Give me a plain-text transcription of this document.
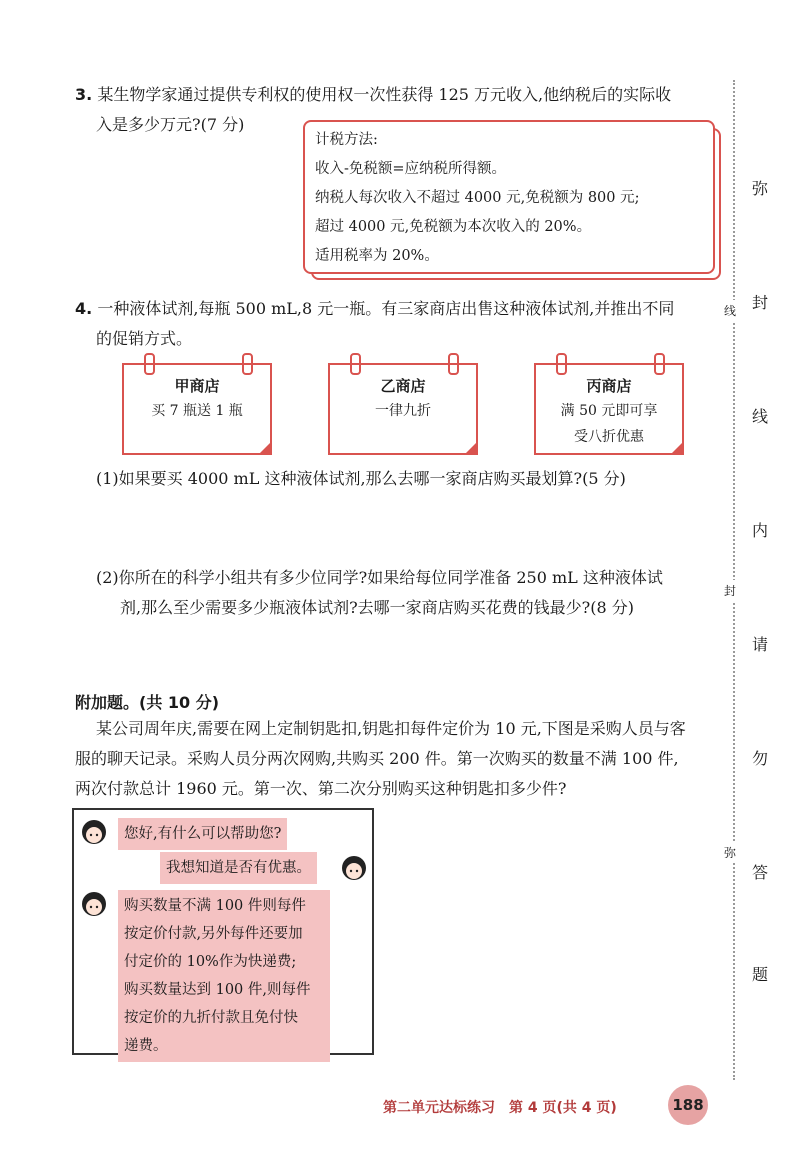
3. 某生物学家通过提供专利权的使用权一次性获得 125 万元收入,他纳税后的实际收
入是多少万元?(7 分)
计税方法:
收入-免税额=应纳税所得额。
纳税人每次收入不超过 4000 元,免税额为 800 元;
超过 4000 元,免税额为本次收入的 20%。
适用税率为 20%。
4. 一种液体试剂,每瓶 500 mL,8 元一瓶。有三家商店出售这种液体试剂,并推出不同
的促销方式。
甲商店
买 7 瓶送 1 瓶
乙商店
一律九折
丙商店
满 50 元即可享
受八折优惠
(1)如果要买 4000 mL 这种液体试剂,那么去哪一家商店购买最划算?(5 分)
(2)你所在的科学小组共有多少位同学?如果给每位同学准备 250 mL 这种液体试
剂,那么至少需要多少瓶液体试剂?去哪一家商店购买花费的钱最少?(8 分)
附加题。(共 10 分)
某公司周年庆,需要在网上定制钥匙扣,钥匙扣每件定价为 10 元,下图是采购人员与客
服的聊天记录。采购人员分两次网购,共购买 200 件。第一次购买的数量不满 100 件,
两次付款总计 1960 元。第一次、第二次分别购买这种钥匙扣多少件?
您好,有什么可以帮助您?
我想知道是否有优惠。
购买数量不满 100 件则每件
按定价付款,另外每件还要加
付定价的 10%作为快递费;
购买数量达到 100 件,则每件
按定价的九折付款且免付快
递费。
线
封
弥
弥
封
线
内
请
勿
答
题
第二单元达标练习　第 4 页(共 4 页)	188
